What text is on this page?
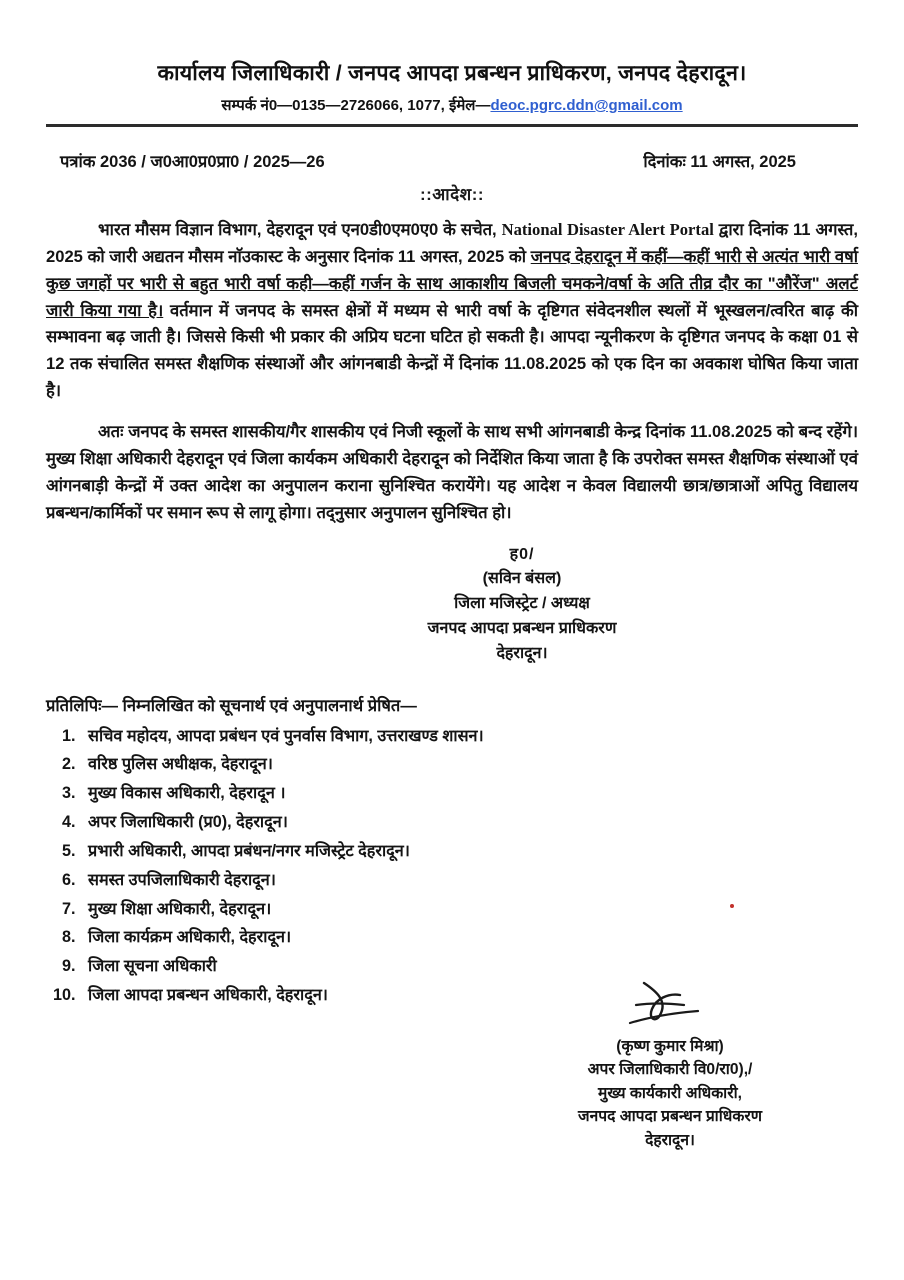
कार्यालय जिलाधिकारी / जनपद आपदा प्रबन्धन प्राधिकरण, जनपद देहरादून।
सम्पर्क नं0—0135—2726066, 1077, ईमेल—deoc.pgrc.ddn@gmail.com
पत्रांक 2036 / ज0आ0प्र0प्रा0 / 2025—26	दिनांकः 11 अगस्त, 2025
::आदेश::

भारत मौसम विज्ञान विभाग, देहरादून एवं एन0डी0एम0ए0 के सचेत, National Disaster Alert Portal द्वारा दिनांक 11 अगस्त, 2025 को जारी अद्यतन मौसम नाॅउकास्ट के अनुसार दिनांक 11 अगस्त, 2025 को जनपद देहरादून में कहीं—कहीं भारी से अत्यंत भारी वर्षा कुछ जगहों पर भारी से बहुत भारी वर्षा कही—कहीं गर्जन के साथ आकाशीय बिजली चमकने/वर्षा के अति तीव्र दौर का "औरेंज" अलर्ट जारी किया गया है। वर्तमान में जनपद के समस्त क्षेत्रों में मध्यम से भारी वर्षा के दृष्टिगत संवेदनशील स्थलों में भूस्खलन/त्वरित बाढ़ की सम्भावना बढ़ जाती है। जिससे किसी भी प्रकार की अप्रिय घटना घटित हो सकती है। आपदा न्यूनीकरण के दृष्टिगत जनपद के कक्षा 01 से 12 तक संचालित समस्त शैक्षणिक संस्थाओं और आंगनबाडी केन्द्रों में दिनांक 11.08.2025 को एक दिन का अवकाश घोषित किया जाता है।

अतः जनपद के समस्त शासकीय/गैर शासकीय एवं निजी स्कूलों के साथ सभी आंगनबाडी केन्द्र दिनांक 11.08.2025 को बन्द रहेंगे। मुख्य शिक्षा अधिकारी देहरादून एवं जिला कार्यकम अधिकारी देहरादून को निर्देशित किया जाता है कि उपरोक्त समस्त शैक्षणिक संस्थाओं एवं आंगनबाड़ी केन्द्रों में उक्त आदेश का अनुपालन कराना सुनिश्चित करायेंगे। यह आदेश न केवल विद्यालयी छात्र/छात्राओं अपितु विद्यालय प्रबन्धन/कार्मिकों पर समान रूप से लागू होगा। तद्नुसार अनुपालन सुनिश्चित हो।

ह0/
(सविन बंसल)
जिला मजिस्ट्रेट / अध्यक्ष
जनपद आपदा प्रबन्धन प्राधिकरण
देहरादून।
प्रतिलिपिः— निम्नलिखित को सूचनार्थ एवं अनुपालनार्थ प्रेषित—
1. सचिव महोदय, आपदा प्रबंधन एवं पुनर्वास विभाग, उत्तराखण्ड शासन।
2. वरिष्ठ पुलिस अधीक्षक, देहरादून।
3. मुख्य विकास अधिकारी, देहरादून ।
4. अपर जिलाधिकारी (प्र0), देहरादून।
5. प्रभारी अधिकारी, आपदा प्रबंधन/नगर मजिस्ट्रेट देहरादून।
6. समस्त उपजिलाधिकारी देहरादून।
7. मुख्य शिक्षा अधिकारी, देहरादून।
8. जिला कार्यक्रम अधिकारी, देहरादून।
9. जिला सूचना अधिकारी
10. जिला आपदा प्रबन्धन अधिकारी, देहरादून।
(कृष्ण कुमार मिश्रा)
अपर जिलाधिकारी वि0/रा0),/
मुख्य कार्यकारी अधिकारी,
जनपद आपदा प्रबन्धन प्राधिकरण
देहरादून।
